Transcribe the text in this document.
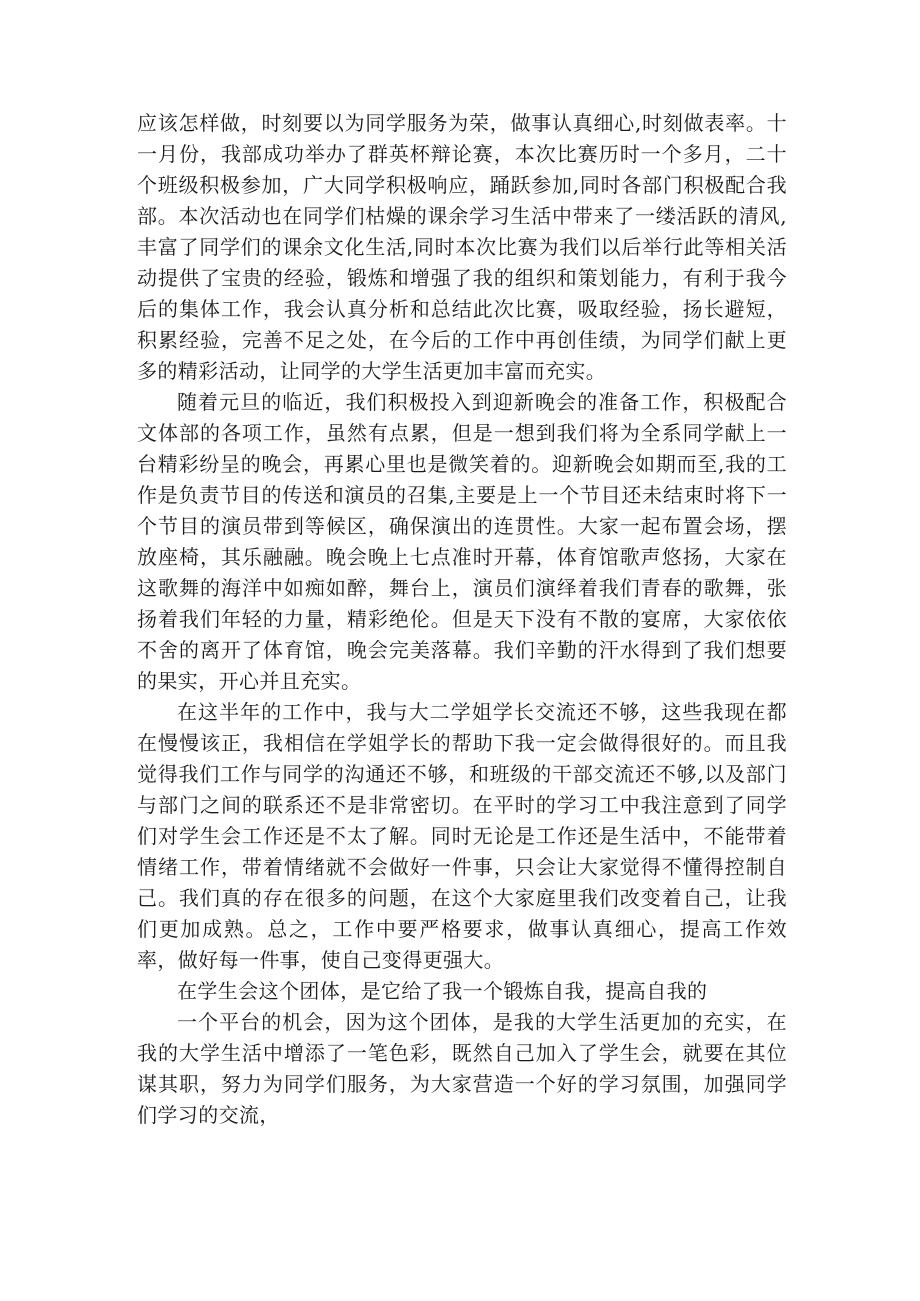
应该怎样做，时刻要以为同学服务为荣，做事认真细心,时刻做表率。十一月份，我部成功举办了群英杯辩论赛，本次比赛历时一个多月，二十个班级积极参加，广大同学积极响应，踊跃参加,同时各部门积极配合我部。本次活动也在同学们枯燥的课余学习生活中带来了一缕活跃的清风,丰富了同学们的课余文化生活,同时本次比赛为我们以后举行此等相关活动提供了宝贵的经验，锻炼和增强了我的组织和策划能力，有利于我今后的集体工作，我会认真分析和总结此次比赛，吸取经验，扬长避短，积累经验，完善不足之处，在今后的工作中再创佳绩，为同学们献上更多的精彩活动，让同学的大学生活更加丰富而充实。

随着元旦的临近，我们积极投入到迎新晚会的准备工作，积极配合文体部的各项工作，虽然有点累，但是一想到我们将为全系同学献上一台精彩纷呈的晚会，再累心里也是微笑着的。迎新晚会如期而至,我的工作是负责节目的传送和演员的召集,主要是上一个节目还未结束时将下一个节目的演员带到等候区，确保演出的连贯性。大家一起布置会场，摆放座椅，其乐融融。晚会晚上七点准时开幕，体育馆歌声悠扬，大家在这歌舞的海洋中如痴如醉，舞台上，演员们演绎着我们青春的歌舞，张扬着我们年轻的力量，精彩绝伦。但是天下没有不散的宴席，大家依依不舍的离开了体育馆，晚会完美落幕。我们辛勤的汗水得到了我们想要的果实，开心并且充实。

在这半年的工作中，我与大二学姐学长交流还不够，这些我现在都在慢慢该正，我相信在学姐学长的帮助下我一定会做得很好的。而且我觉得我们工作与同学的沟通还不够，和班级的干部交流还不够,以及部门与部门之间的联系还不是非常密切。在平时的学习工中我注意到了同学们对学生会工作还是不太了解。同时无论是工作还是生活中，不能带着情绪工作，带着情绪就不会做好一件事，只会让大家觉得不懂得控制自己。我们真的存在很多的问题，在这个大家庭里我们改变着自己，让我们更加成熟。总之，工作中要严格要求，做事认真细心，提高工作效率，做好每一件事，使自己变得更强大。

在学生会这个团体，是它给了我一个锻炼自我，提高自我的

一个平台的机会，因为这个团体，是我的大学生活更加的充实，在我的大学生活中增添了一笔色彩，既然自己加入了学生会，就要在其位谋其职，努力为同学们服务，为大家营造一个好的学习氛围，加强同学们学习的交流，
